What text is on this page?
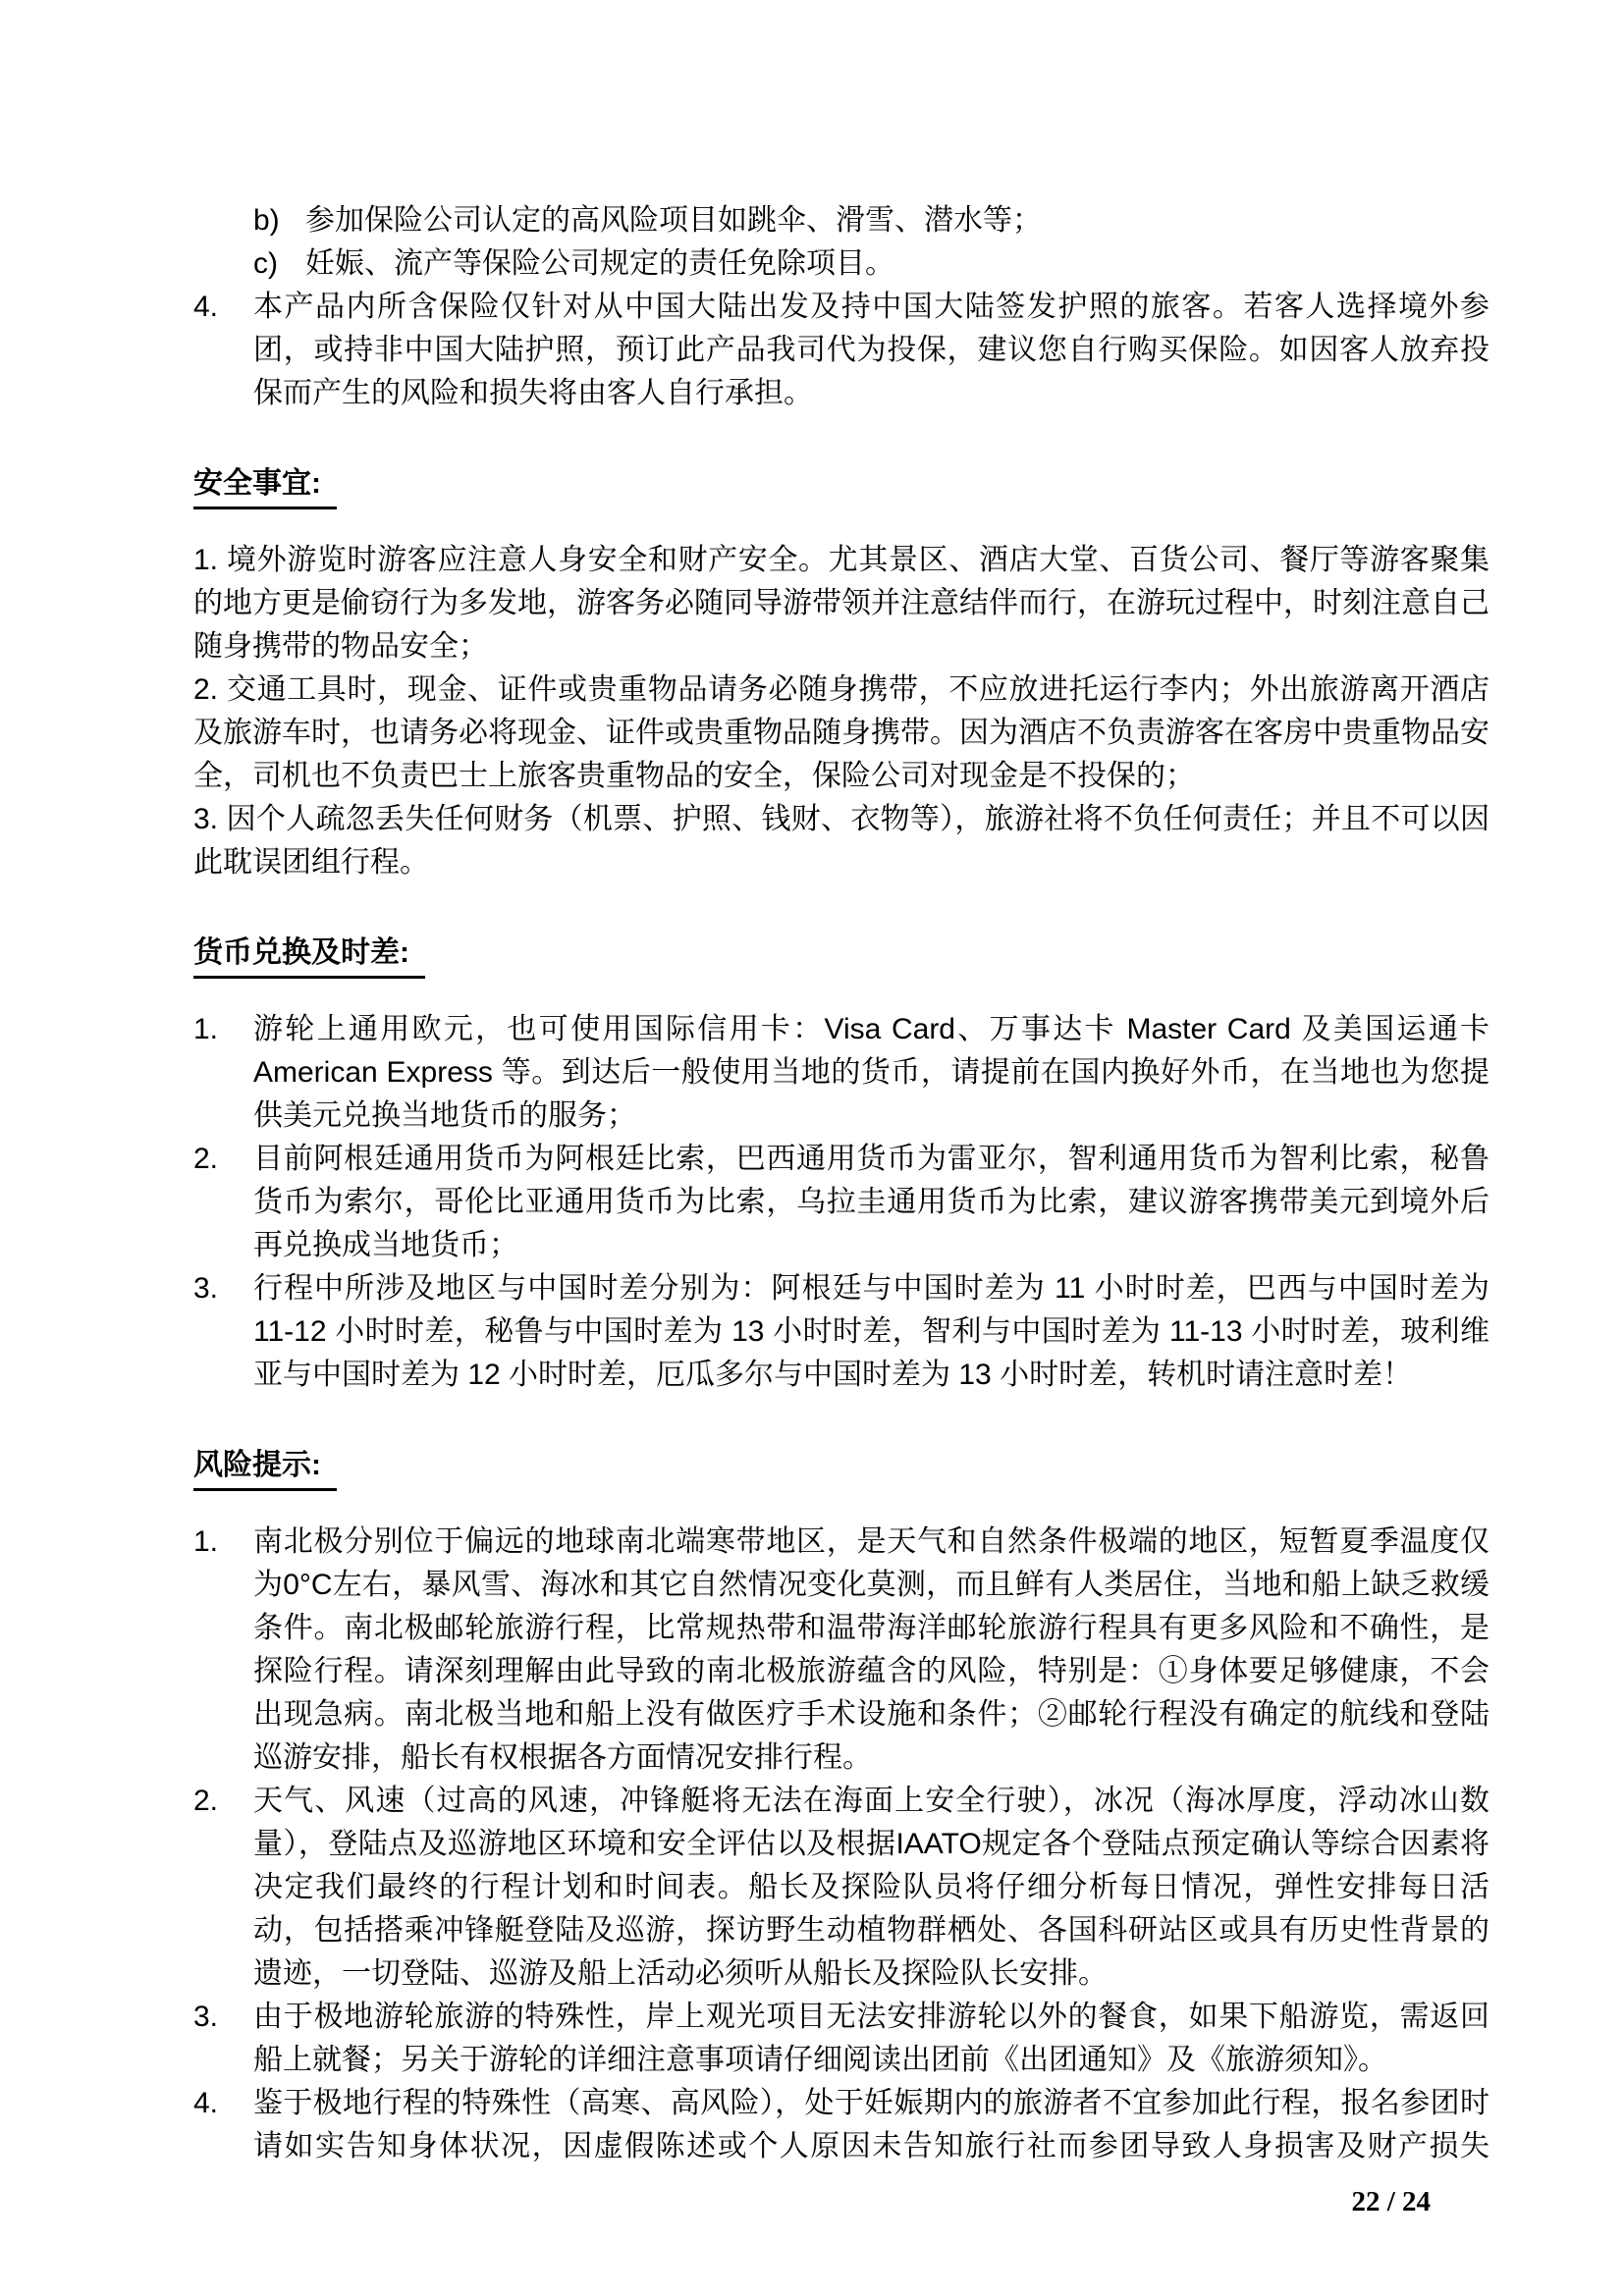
b) 参加保险公司认定的高风险项目如跳伞、滑雪、潜水等；
c) 妊娠、流产等保险公司规定的责任免除项目。
4.	本产品内所含保险仅针对从中国大陆出发及持中国大陆签发护照的旅客。若客人选择境外参团，或持非中国大陆护照，预订此产品我司代为投保，建议您自行购买保险。如因客人放弃投保而产生的风险和损失将由客人自行承担。
安全事宜:

1. 境外游览时游客应注意人身安全和财产安全。尤其景区、酒店大堂、百货公司、餐厅等游客聚集的地方更是偷窃行为多发地，游客务必随同导游带领并注意结伴而行，在游玩过程中，时刻注意自己随身携带的物品安全；

2. 交通工具时，现金、证件或贵重物品请务必随身携带，不应放进托运行李内；外出旅游离开酒店及旅游车时，也请务必将现金、证件或贵重物品随身携带。因为酒店不负责游客在客房中贵重物品安全，司机也不负责巴士上旅客贵重物品的安全，保险公司对现金是不投保的；

3. 因个人疏忽丢失任何财务（机票、护照、钱财、衣物等），旅游社将不负任何责任；并且不可以因此耽误团组行程。

货币兑换及时差:
1.	游轮上通用欧元，也可使用国际信用卡：Visa Card、万事达卡 Master Card 及美国运通卡 American Express 等。到达后一般使用当地的货币，请提前在国内换好外币，在当地也为您提供美元兑换当地货币的服务；
2.	目前阿根廷通用货币为阿根廷比索，巴西通用货币为雷亚尔，智利通用货币为智利比索，秘鲁货币为索尔，哥伦比亚通用货币为比索，乌拉圭通用货币为比索，建议游客携带美元到境外后再兑换成当地货币；
3.	行程中所涉及地区与中国时差分别为：阿根廷与中国时差为 11 小时时差，巴西与中国时差为 11-12 小时时差，秘鲁与中国时差为 13 小时时差，智利与中国时差为 11-13 小时时差，玻利维亚与中国时差为 12 小时时差，厄瓜多尔与中国时差为 13 小时时差，转机时请注意时差！
风险提示:
1.	南北极分别位于偏远的地球南北端寒带地区，是天气和自然条件极端的地区，短暂夏季温度仅为0°C左右，暴风雪、海冰和其它自然情况变化莫测，而且鲜有人类居住，当地和船上缺乏救缓条件。南北极邮轮旅游行程，比常规热带和温带海洋邮轮旅游行程具有更多风险和不确性，是探险行程。请深刻理解由此导致的南北极旅游蕴含的风险，特别是：①身体要足够健康，不会出现急病。南北极当地和船上没有做医疗手术设施和条件；②邮轮行程没有确定的航线和登陆巡游安排，船长有权根据各方面情况安排行程。
2.	天气、风速（过高的风速，冲锋艇将无法在海面上安全行驶），冰况（海冰厚度，浮动冰山数量），登陆点及巡游地区环境和安全评估以及根据IAATO规定各个登陆点预定确认等综合因素将决定我们最终的行程计划和时间表。船长及探险队员将仔细分析每日情况，弹性安排每日活动，包括搭乘冲锋艇登陆及巡游，探访野生动植物群栖处、各国科研站区或具有历史性背景的遗迹，一切登陆、巡游及船上活动必须听从船长及探险队长安排。
3.	由于极地游轮旅游的特殊性，岸上观光项目无法安排游轮以外的餐食，如果下船游览，需返回船上就餐；另关于游轮的详细注意事项请仔细阅读出团前《出团通知》及《旅游须知》。
4.	鉴于极地行程的特殊性（高寒、高风险），处于妊娠期内的旅游者不宜参加此行程，报名参团时请如实告知身体状况，因虚假陈述或个人原因未告知旅行社而参团导致人身损害及财产损失
22 / 24
